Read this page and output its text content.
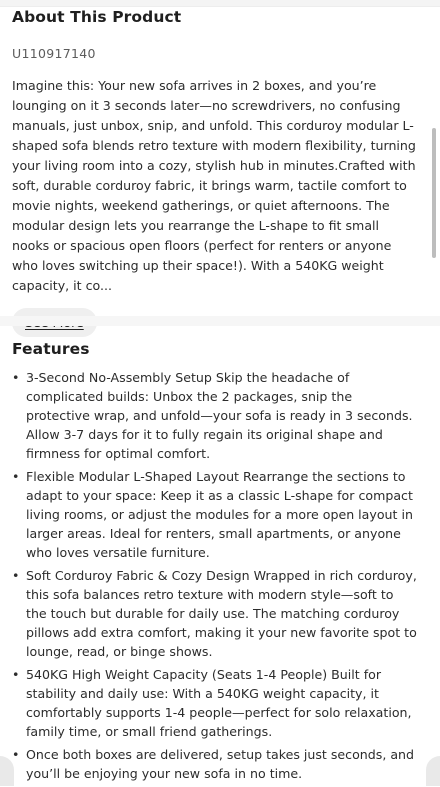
About This Product
U110917140
Imagine this: Your new sofa arrives in 2 boxes, and you’re lounging on it 3 seconds later—no screwdrivers, no confusing manuals, just unbox, snip, and unfold. This corduroy modular L-shaped sofa blends retro texture with modern flexibility, turning your living room into a cozy, stylish hub in minutes.Crafted with soft, durable corduroy fabric, it brings warm, tactile comfort to movie nights, weekend gatherings, or quiet afternoons. The modular design lets you rearrange the L-shape to fit small nooks or spacious open floors (perfect for renters or anyone who loves switching up their space!). With a 540KG weight capacity, it co...
Features
• 3-Second No-Assembly Setup Skip the headache of complicated builds: Unbox the 2 packages, snip the protective wrap, and unfold—your sofa is ready in 3 seconds. Allow 3-7 days for it to fully regain its original shape and firmness for optimal comfort.
• Flexible Modular L-Shaped Layout Rearrange the sections to adapt to your space: Keep it as a classic L-shape for compact living rooms, or adjust the modules for a more open layout in larger areas. Ideal for renters, small apartments, or anyone who loves versatile furniture.
• Soft Corduroy Fabric & Cozy Design Wrapped in rich corduroy, this sofa balances retro texture with modern style—soft to the touch but durable for daily use. The matching corduroy pillows add extra comfort, making it your new favorite spot to lounge, read, or binge shows.
• 540KG High Weight Capacity (Seats 1-4 People) Built for stability and daily use: With a 540KG weight capacity, it comfortably supports 1-4 people—perfect for solo relaxation, family time, or small friend gatherings.
• Once both boxes are delivered, setup takes just seconds, and you’ll be enjoying your new sofa in no time.
